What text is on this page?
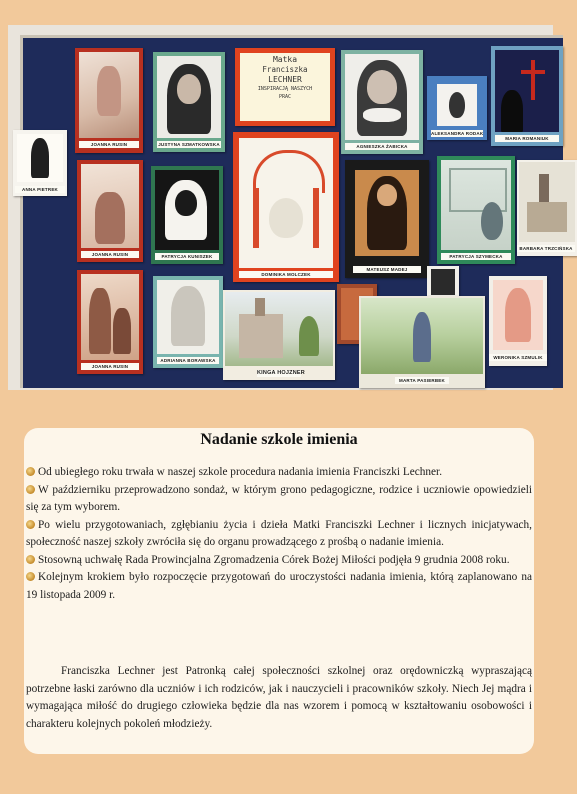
JOANNA RUSIN	JUSTYNA SZMATKOWSKA
Matka
Franciszka
LECHNER
INSPIRACJĄ NASZYCH
PRAC
AGNIESZKA ŻABICKA
ALEKSANDRA RODAK
MARIA ROMANIUK
ANNA PIETREK
JOANNA RUSIN	PATRYCJA KUNISZEK
DOMINIKA MOLCZEK
MATEUSZ MADEJ
PATRYCJA SZYMECKA
BARBARA TRZCIŃSKA
JOANNA RUSIN
ADRIANNA BORAWSKA
KINGA HOJZNER
MARTA PASIERBEK
WERONIKA SZMULIK
Nadanie szkole imienia

Od ubiegłego roku trwała w naszej szkole procedura nadania imienia Franciszki Lechner.

W październiku przeprowadzono sondaż, w którym grono pedagogiczne, rodzice i uczniowie opowiedzieli się za tym wyborem.

Po wielu przygotowaniach, zgłębianiu życia i dzieła Matki Franciszki Lechner i licznych inicjatywach, społeczność naszej szkoły zwróciła się do organu prowadzącego z prośbą o nadanie imienia.

Stosowną uchwałę Rada Prowincjalna Zgromadzenia Córek Bożej Miłości podjęła 9 grudnia 2008 roku.

Kolejnym krokiem było rozpoczęcie przygotowań do uroczystości nadania imienia, którą zaplanowano na 19 listopada 2009 r.

Franciszka Lechner jest Patronką całej społeczności szkolnej oraz orędowniczką wypraszającą potrzebne łaski zarówno dla uczniów i ich rodziców, jak i nauczycieli i pracowników szkoły. Niech Jej mądra i wymagająca miłość do drugiego człowieka będzie dla nas wzorem i pomocą w kształtowaniu osobowości i charakteru kolejnych pokoleń młodzieży.
